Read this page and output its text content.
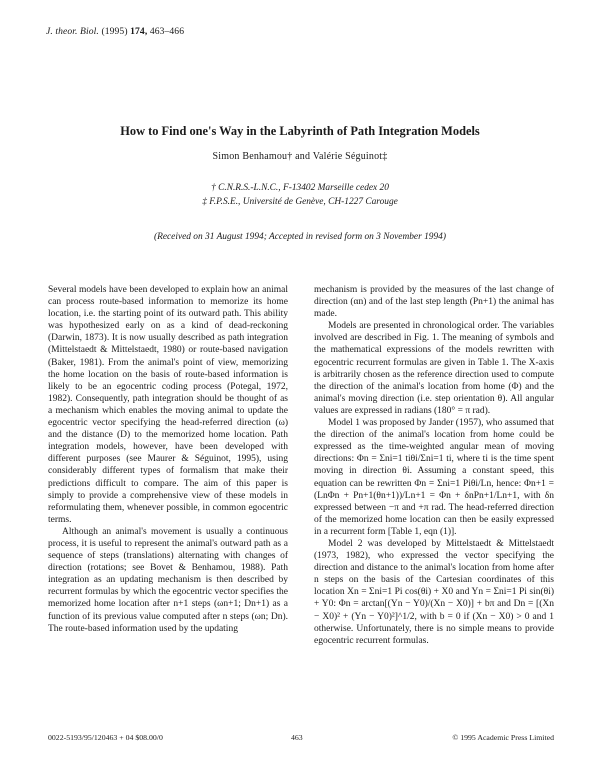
J. theor. Biol. (1995) 174, 463–466
How to Find one's Way in the Labyrinth of Path Integration Models
Simon Benhamou† and Valérie Séguinot‡
† C.N.R.S.-L.N.C., F-13402 Marseille cedex 20
‡ F.P.S.E., Université de Genève, CH-1227 Carouge
(Received on 31 August 1994; Accepted in revised form on 3 November 1994)

Several models have been developed to explain how an animal can process route-based information to memorize its home location, i.e. the starting point of its outward path. This ability was hypothesized early on as a kind of dead-reckoning (Darwin, 1873). It is now usually described as path integration (Mittelstaedt & Mittelstaedt, 1980) or route-based navigation (Baker, 1981). From the animal's point of view, memorizing the home location on the basis of route-based information is likely to be an egocentric coding process (Potegal, 1972, 1982). Consequently, path integration should be thought of as a mechanism which enables the moving animal to update the egocentric vector specifying the head-referred direction (ω) and the distance (D) to the memorized home location. Path integration models, however, have been developed with different purposes (see Maurer & Séguinot, 1995), using considerably different types of formalism that make their predictions difficult to compare. The aim of this paper is simply to provide a comprehensive view of these models in reformulating them, whenever possible, in common egocentric terms.

Although an animal's movement is usually a continuous process, it is useful to represent the animal's outward path as a sequence of steps (translations) alternating with changes of direction (rotations; see Bovet & Benhamou, 1988). Path integration as an updating mechanism is then described by recurrent formulas by which the egocentric vector specifies the memorized home location after n+1 steps (ωn+1; Dn+1) as a function of its previous value computed after n steps (ωn; Dn). The route-based information used by the updating

mechanism is provided by the measures of the last change of direction (αn) and of the last step length (Pn+1) the animal has made.

Models are presented in chronological order. The variables involved are described in Fig. 1. The meaning of symbols and the mathematical expressions of the models rewritten with egocentric recurrent formulas are given in Table 1. The X-axis is arbitrarily chosen as the reference direction used to compute the direction of the animal's location from home (Φ) and the animal's moving direction (i.e. step orientation θ). All angular values are expressed in radians (180° = π rad).

Model 1 was proposed by Jander (1957), who assumed that the direction of the animal's location from home could be expressed as the time-weighted angular mean of moving directions: Φn = Σni=1 tiθi/Σni=1 ti, where ti is the time spent moving in direction θi. Assuming a constant speed, this equation can be rewritten Φn = Σni=1 Piθi/Ln, hence: Φn+1 = (LnΦn + Pn+1(θn+1))/Ln+1 = Φn + δnPn+1/Ln+1, with δn expressed between −π and +π rad. The head-referred direction of the memorized home location can then be easily expressed in a recurrent form [Table 1, eqn (1)].

Model 2 was developed by Mittelstaedt & Mittelstaedt (1973, 1982), who expressed the vector specifying the direction and distance to the animal's location from home after n steps on the basis of the Cartesian coordinates of this location Xn = Σni=1 Pi cos(θi) + X0 and Yn = Σni=1 Pi sin(θi) + Y0: Φn = arctan[(Yn − Y0)/(Xn − X0)] + bπ and Dn = [(Xn − X0)² + (Yn − Y0)²]^1/2, with b = 0 if (Xn − X0) > 0 and 1 otherwise. Unfortunately, there is no simple means to provide egocentric recurrent formulas.

0022-5193/95/120463 + 04 $08.00/0	463	© 1995 Academic Press Limited
